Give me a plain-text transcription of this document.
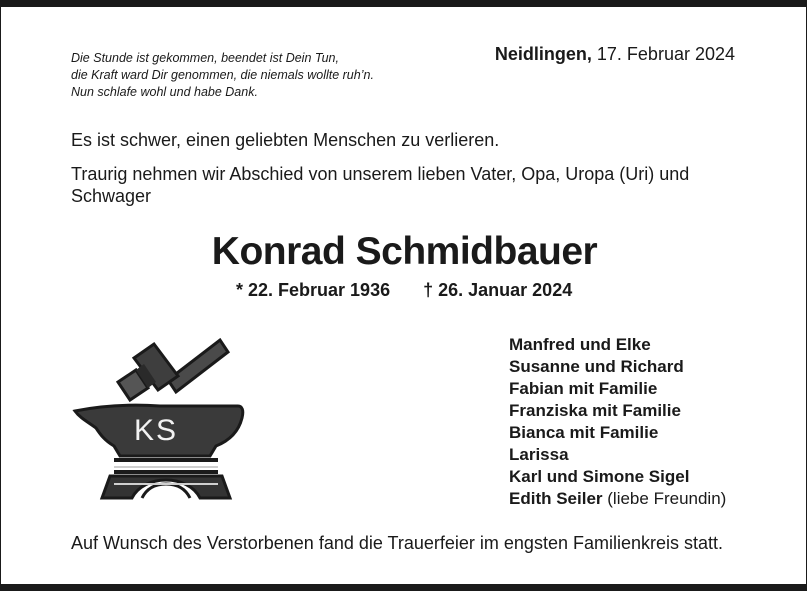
Die Stunde ist gekommen, beendet ist Dein Tun,
die Kraft ward Dir genommen, die niemals wollte ruh’n.
Nun schlafe wohl und habe Dank.
Neidlingen, 17. Februar 2024
Es ist schwer, einen geliebten Menschen zu verlieren.
Traurig nehmen wir Abschied von unserem lieben Vater, Opa, Uropa (Uri) und Schwager
Konrad Schmidbauer
* 22. Februar 1936 † 26. Januar 2024
KS
Manfred und Elke
Susanne und Richard
Fabian mit Familie
Franziska mit Familie
Bianca mit Familie
Larissa
Karl und Simone Sigel
Edith Seiler (liebe Freundin)
Auf Wunsch des Verstorbenen fand die Trauerfeier im engsten Familienkreis statt.
